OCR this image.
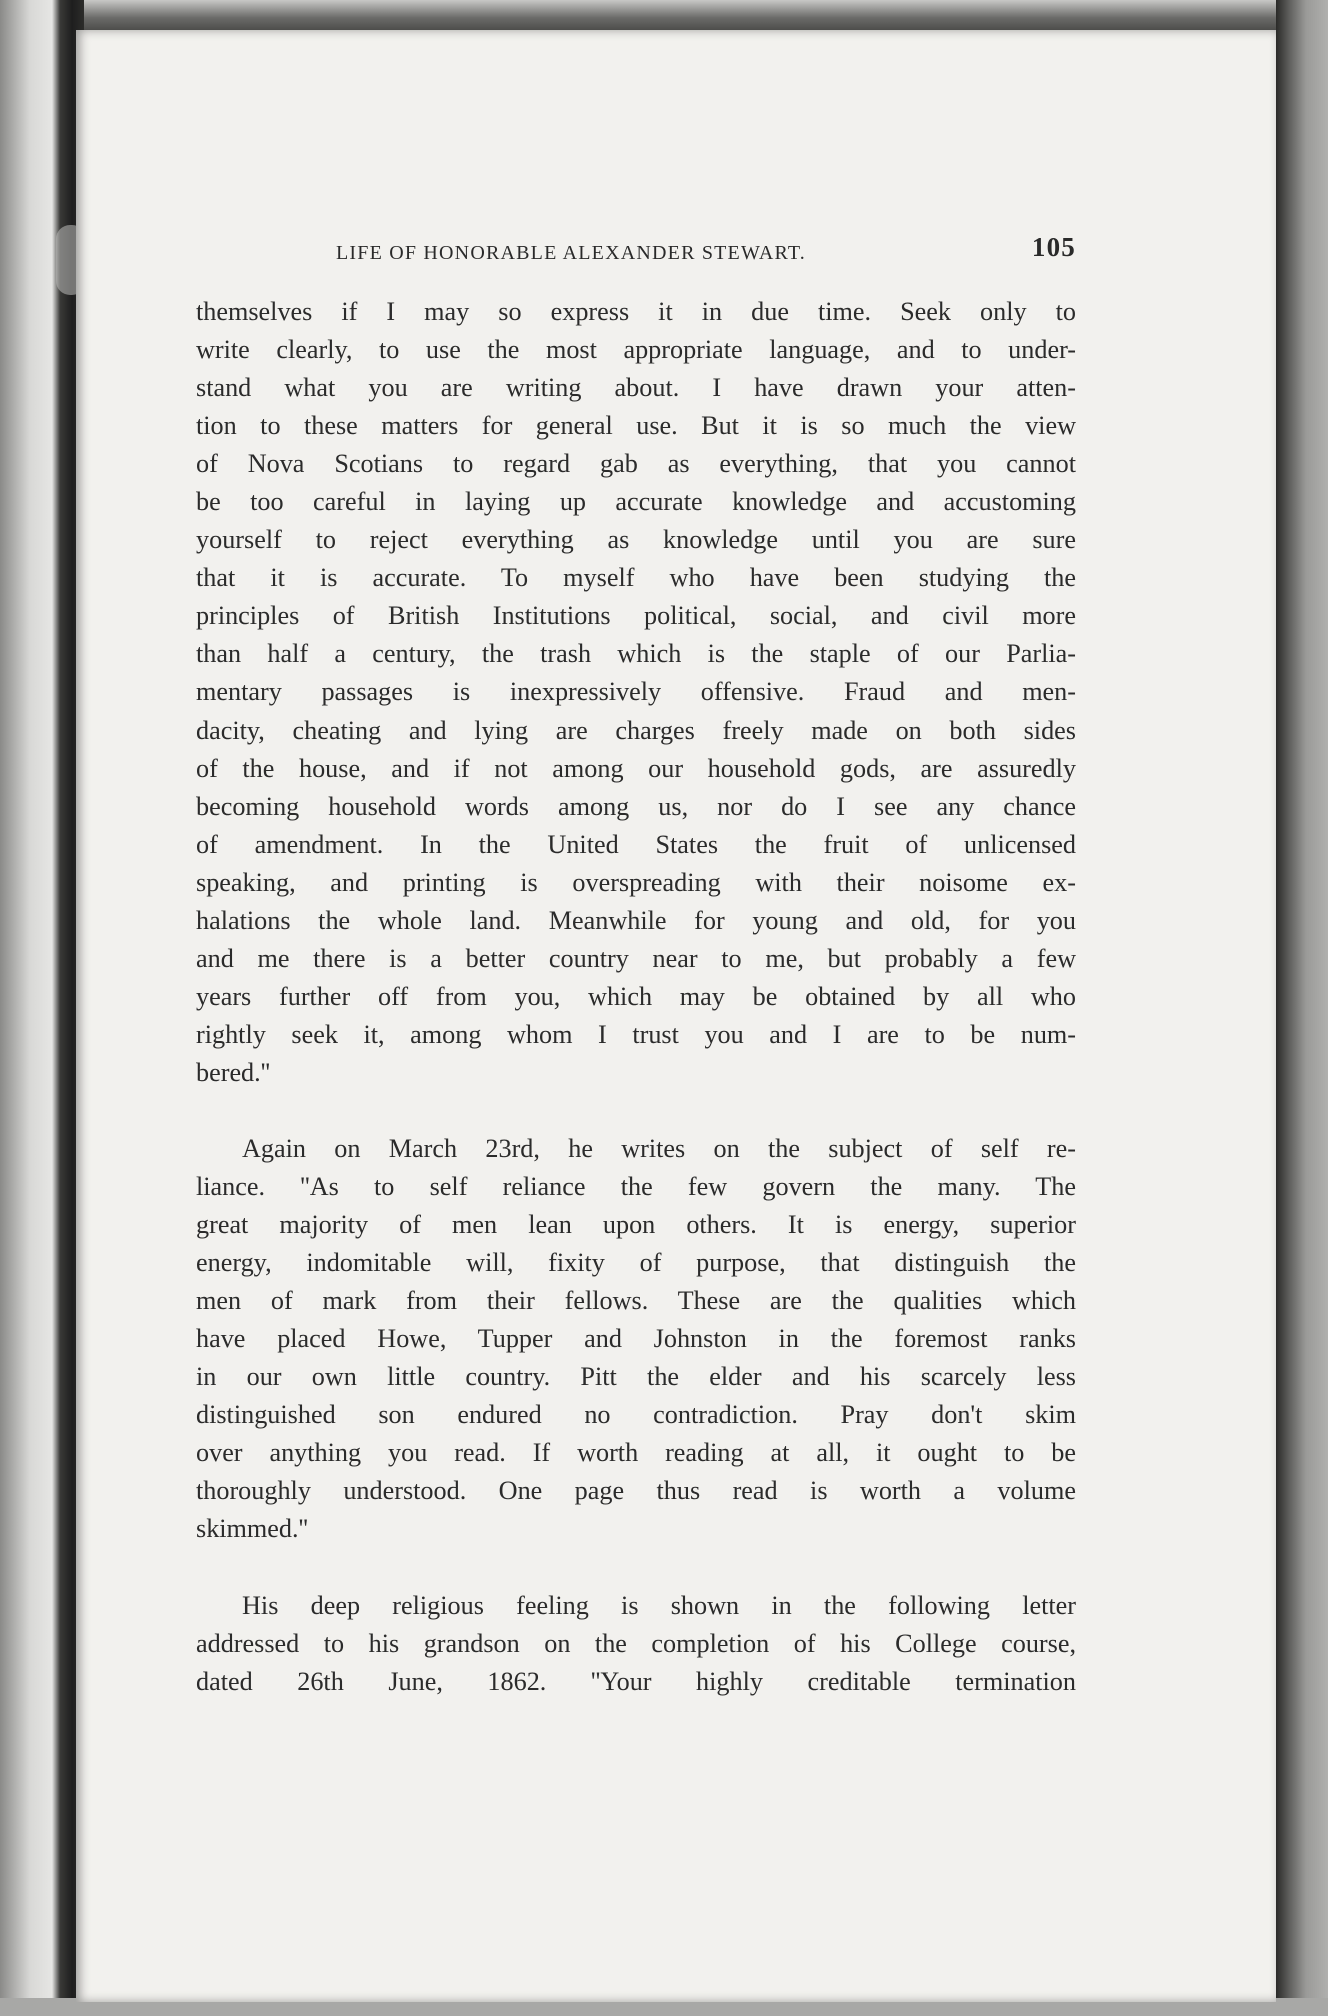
LIFE OF HONORABLE ALEXANDER STEWART.	105
themselves if I may so express it in due time. Seek only to
write clearly, to use the most appropriate language, and to under-
stand what you are writing about. I have drawn your atten-
tion to these matters for general use. But it is so much the view
of Nova Scotians to regard gab as everything, that you cannot
be too careful in laying up accurate knowledge and accustoming
yourself to reject everything as knowledge until you are sure
that it is accurate. To myself who have been studying the
principles of British Institutions political, social, and civil more
than half a century, the trash which is the staple of our Parlia-
mentary passages is inexpressively offensive. Fraud and men-
dacity, cheating and lying are charges freely made on both sides
of the house, and if not among our household gods, are assuredly
becoming household words among us, nor do I see any chance
of amendment. In the United States the fruit of unlicensed
speaking, and printing is overspreading with their noisome ex-
halations the whole land. Meanwhile for young and old, for you
and me there is a better country near to me, but probably a few
years further off from you, which may be obtained by all who
rightly seek it, among whom I trust you and I are to be num-
bered.''
Again on March 23rd, he writes on the subject of self re-
liance. ''As to self reliance the few govern the many. The
great majority of men lean upon others. It is energy, superior
energy, indomitable will, fixity of purpose, that distinguish the
men of mark from their fellows. These are the qualities which
have placed Howe, Tupper and Johnston in the foremost ranks
in our own little country. Pitt the elder and his scarcely less
distinguished son endured no contradiction. Pray don't skim
over anything you read. If worth reading at all, it ought to be
thoroughly understood. One page thus read is worth a volume
skimmed.''
His deep religious feeling is shown in the following letter
addressed to his grandson on the completion of his College course,
dated 26th June, 1862. ''Your highly creditable termination
